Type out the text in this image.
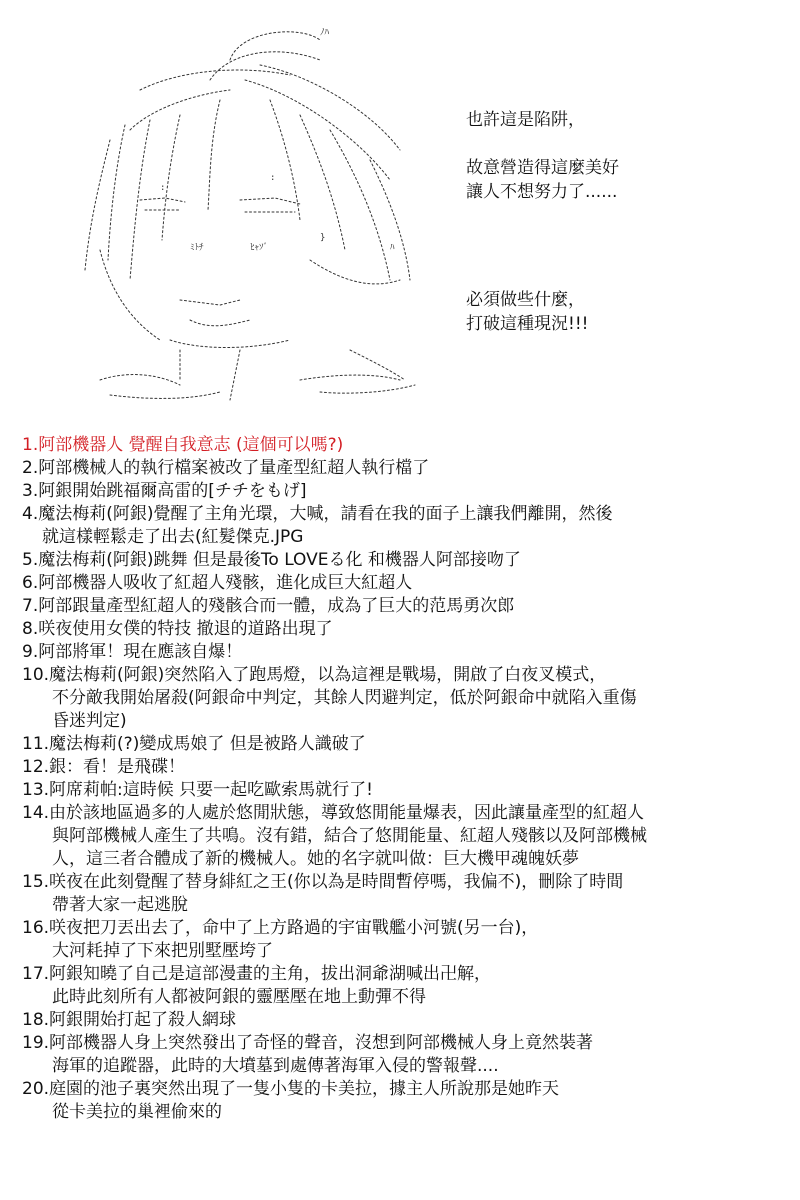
ﾉﾊ
:
:
ﾋｬｿﾞ
ﾐﾄﾁ
}
ﾊ
也許這是陷阱，

故意營造得這麼美好
讓人不想努力了......
必須做些什麼，
打破這種現況!!!
1.阿部機器人 覺醒自我意志 (這個可以嗎?)
2.阿部機械人的執行檔案被改了量產型紅超人執行檔了
3.阿銀開始跳福爾高雷的[チチをもげ]
4.魔法梅莉(阿銀)覺醒了主角光環，大喊，請看在我的面子上讓我們離開，然後
就這樣輕鬆走了出去(紅髮傑克.JPG
5.魔法梅莉(阿銀)跳舞 但是最後To LOVEる化 和機器人阿部接吻了
6.阿部機器人吸收了紅超人殘骸，進化成巨大紅超人
7.阿部跟量產型紅超人的殘骸合而一體，成為了巨大的范馬勇次郎
8.咲夜使用女僕的特技 撤退的道路出現了
9.阿部將軍！現在應該自爆！
10.魔法梅莉(阿銀)突然陷入了跑馬燈，以為這裡是戰場，開啟了白夜叉模式，
不分敵我開始屠殺(阿銀命中判定，其餘人閃避判定，低於阿銀命中就陷入重傷
昏迷判定)
11.魔法梅莉(?)變成馬娘了 但是被路人識破了
12.銀：看！是飛碟！
13.阿席莉帕:這時候 只要一起吃歐索馬就行了!
14.由於該地區過多的人處於悠閒狀態，導致悠閒能量爆表，因此讓量產型的紅超人
與阿部機械人產生了共鳴。沒有錯，結合了悠閒能量、紅超人殘骸以及阿部機械
人，這三者合體成了新的機械人。她的名字就叫做：巨大機甲魂魄妖夢
15.咲夜在此刻覺醒了替身緋紅之王(你以為是時間暫停嗎，我偏不)，刪除了時間
帶著大家一起逃脫
16.咲夜把刀丟出去了，命中了上方路過的宇宙戰艦小河號(另一台)，
大河耗掉了下來把別墅壓垮了
17.阿銀知曉了自己是這部漫畫的主角，拔出洞爺湖喊出卍解，
此時此刻所有人都被阿銀的靈壓壓在地上動彈不得
18.阿銀開始打起了殺人網球
19.阿部機器人身上突然發出了奇怪的聲音，沒想到阿部機械人身上竟然裝著
海軍的追蹤器，此時的大墳墓到處傳著海軍入侵的警報聲....
20.庭園的池子裏突然出現了一隻小隻的卡美拉，據主人所說那是她昨天
從卡美拉的巢裡偷來的
